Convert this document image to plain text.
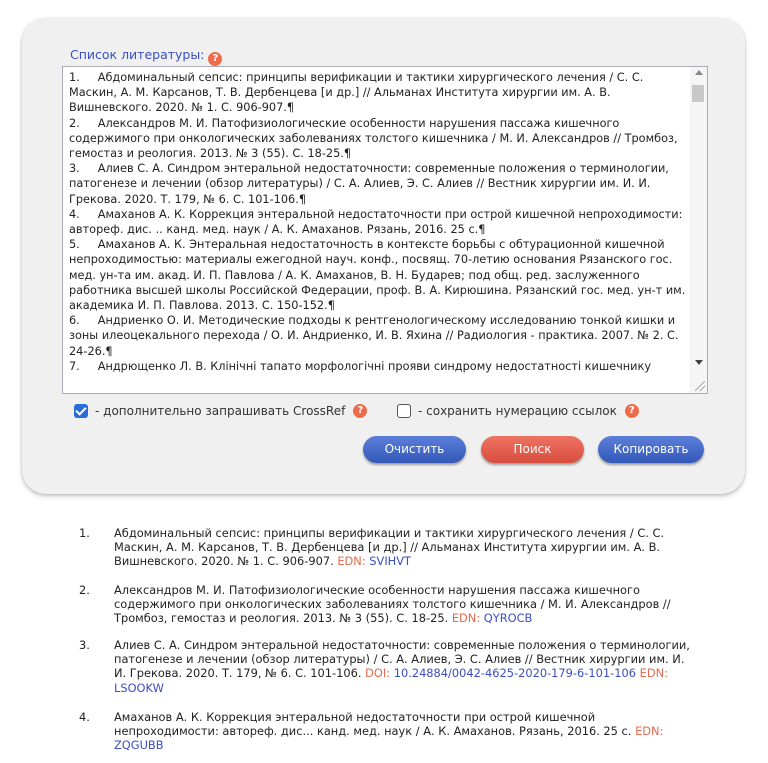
Список литературы: ?
1.	Абдоминальный сепсис: принципы верификации и тактики хирургического лечения / С. С. Маскин, А. М. Карсанов, Т. В. Дербенцева [и др.] // Альманах Института хирургии им. А. В. Вишневского. 2020. № 1. С. 906-907.¶
2.	Александров М. И. Патофизиологические особенности нарушения пассажа кишечного содержимого при онкологических заболеваниях толстого кишечника / М. И. Александров // Тромбоз, гемостаз и реология. 2013. № 3 (55). С. 18-25.¶
3.	Алиев С. А. Синдром энтеральной недостаточности: современные положения о терминологии, патогенезе и лечении (обзор литературы) / С. А. Алиев, Э. С. Алиев // Вестник хирургии им. И. И. Грекова. 2020. Т. 179, № 6. С. 101-106.¶
4.	Амаханов А. К. Коррекция энтеральной недостаточности при острой кишечной непроходимости: автореф. дис. .. канд. мед. наук / А. К. Амаханов. Рязань, 2016. 25 с.¶
5.	Амаханов А. К. Энтеральная недостаточность в контексте борьбы с обтурационной кишечной непроходимостью: материалы ежегодной науч. конф., посвящ. 70-летию основания Рязанского гос. мед. ун-та им. акад. И. П. Павлова / А. К. Амаханов, В. Н. Бударев; под общ. ред. заслуженного работника высшей школы Российской Федерации, проф. В. А. Кирюшина. Рязанский гос. мед. ун-т им. академика И. П. Павлова. 2013. С. 150-152.¶
6.	Андриенко О. И. Методические подходы к рентгенологическому исследованию тонкой кишки и зоны илеоцекального перехода / О. И. Андриенко, И. В. Яхина // Радиология - практика. 2007. № 2. С. 24-26.¶
7.	Андрющенко Л. В. Клінічні тапато морфологічні прояви синдрому недостатності кишечнику
- дополнительно запрашивать CrossRef	?	- сохранить нумерацию ссылок	?
Очистить	Поиск	Копировать
1.	Абдоминальный сепсис: принципы верификации и тактики хирургического лечения / С. С. Маскин, А. М. Карсанов, Т. В. Дербенцева [и др.] // Альманах Института хирургии им. А. В. Вишневского. 2020. № 1. С. 906-907. EDN: SVIHVT
2.	Александров М. И. Патофизиологические особенности нарушения пассажа кишечного содержимого при онкологических заболеваниях толстого кишечника / М. И. Александров // Тромбоз, гемостаз и реология. 2013. № 3 (55). С. 18-25. EDN: QYROCB
3.	Алиев С. А. Синдром энтеральной недостаточности: современные положения о терминологии, патогенезе и лечении (обзор литературы) / С. А. Алиев, Э. С. Алиев // Вестник хирургии им. И. И. Грекова. 2020. Т. 179, № 6. С. 101-106. DOI: 10.24884/0042-4625-2020-179-6-101-106 EDN: LSOOKW
4.	Амаханов А. К. Коррекция энтеральной недостаточности при острой кишечной непроходимости: автореф. дис... канд. мед. наук / А. К. Амаханов. Рязань, 2016. 25 с. EDN: ZQGUBB
